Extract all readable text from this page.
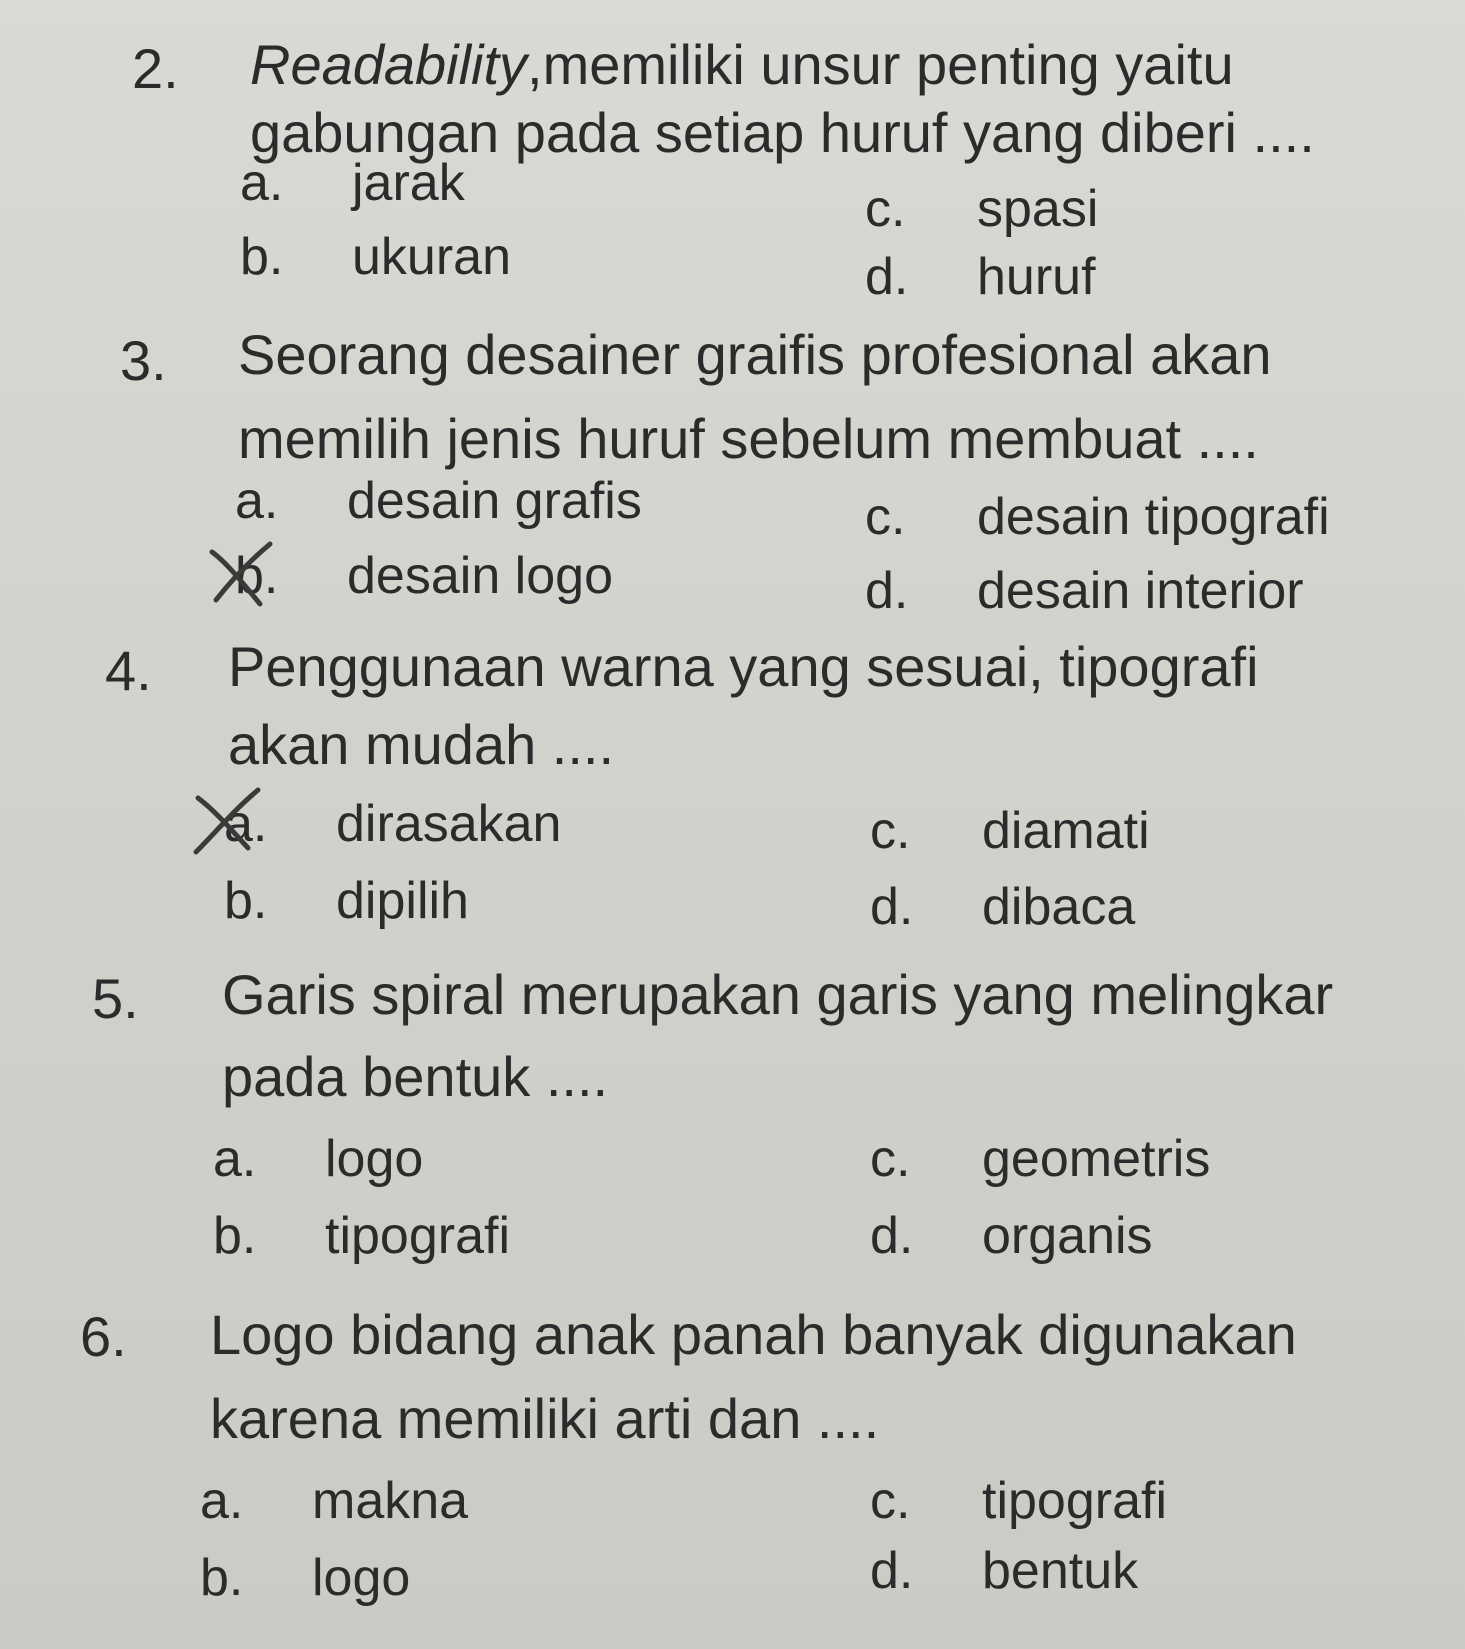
2. Readability,memiliki unsur penting yaitu
gabungan pada setiap huruf yang diberi ....
a. jarak	c. spasi
b. ukuran	d. huruf
3. Seorang desainer graifis profesional akan
memilih jenis huruf sebelum membuat ....
a. desain grafis	c. desain tipografi
b. desain logo	d. desain interior
4. Penggunaan warna yang sesuai, tipografi
akan mudah ....
a. dirasakan	c. diamati
b. dipilih	d. dibaca
5. Garis spiral merupakan garis yang melingkar
pada bentuk ....
a. logo	c. geometris
b. tipografi	d. organis
6. Logo bidang anak panah banyak digunakan
karena memiliki arti dan ....
a. makna	c. tipografi
b. logo	d. bentuk
